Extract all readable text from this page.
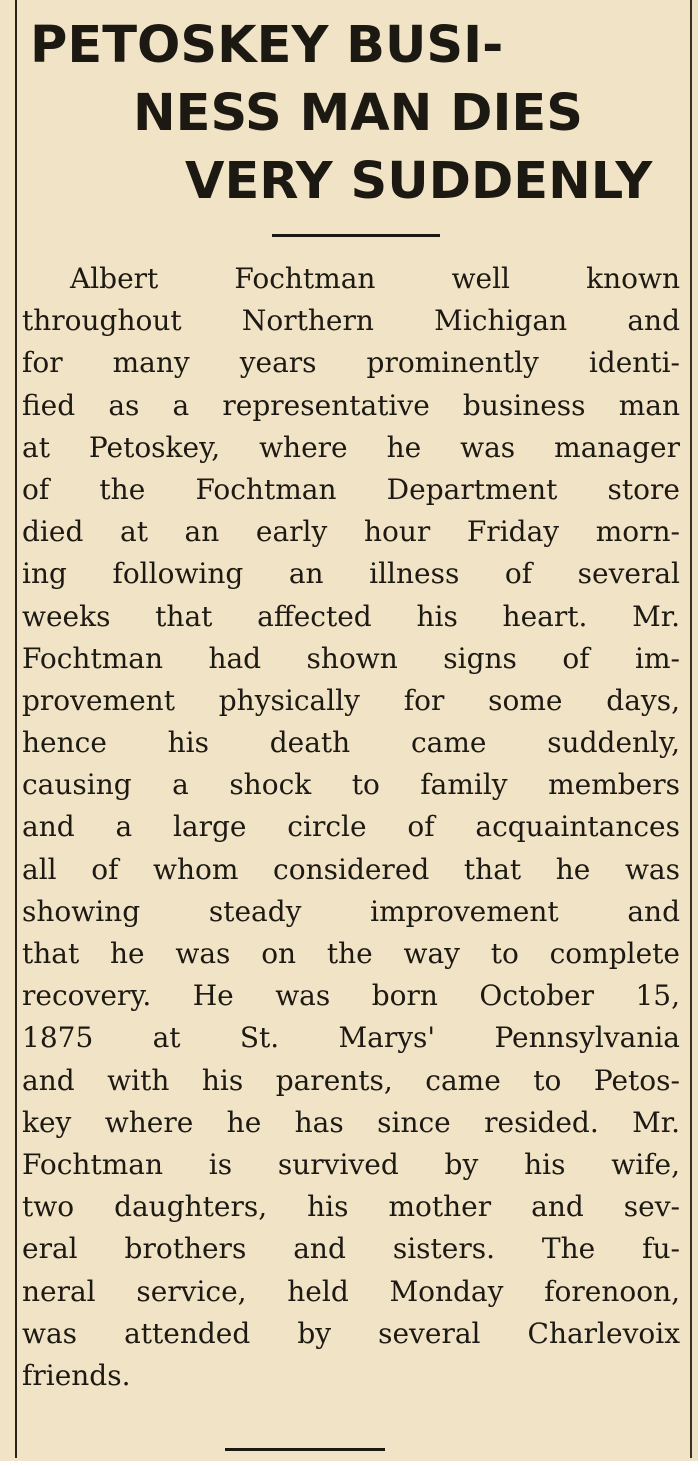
PETOSKEY BUSI-
NESS MAN DIES
VERY SUDDENLY
Albert Fochtman well known
throughout Northern Michigan and
for many years prominently identi-
fied as a representative business man
at Petoskey, where he was manager
of the Fochtman Department store
died at an early hour Friday morn-
ing following an illness of several
weeks that affected his heart. Mr.
Fochtman had shown signs of im-
provement physically for some days,
hence his death came suddenly,
causing a shock to family members
and a large circle of acquaintances
all of whom considered that he was
showing steady improvement and
that he was on the way to complete
recovery. He was born October 15,
1875 at St. Marys' Pennsylvania
and with his parents, came to Petos-
key where he has since resided. Mr.
Fochtman is survived by his wife,
two daughters, his mother and sev-
eral brothers and sisters. The fu-
neral service, held Monday forenoon,
was attended by several Charlevoix
friends.
